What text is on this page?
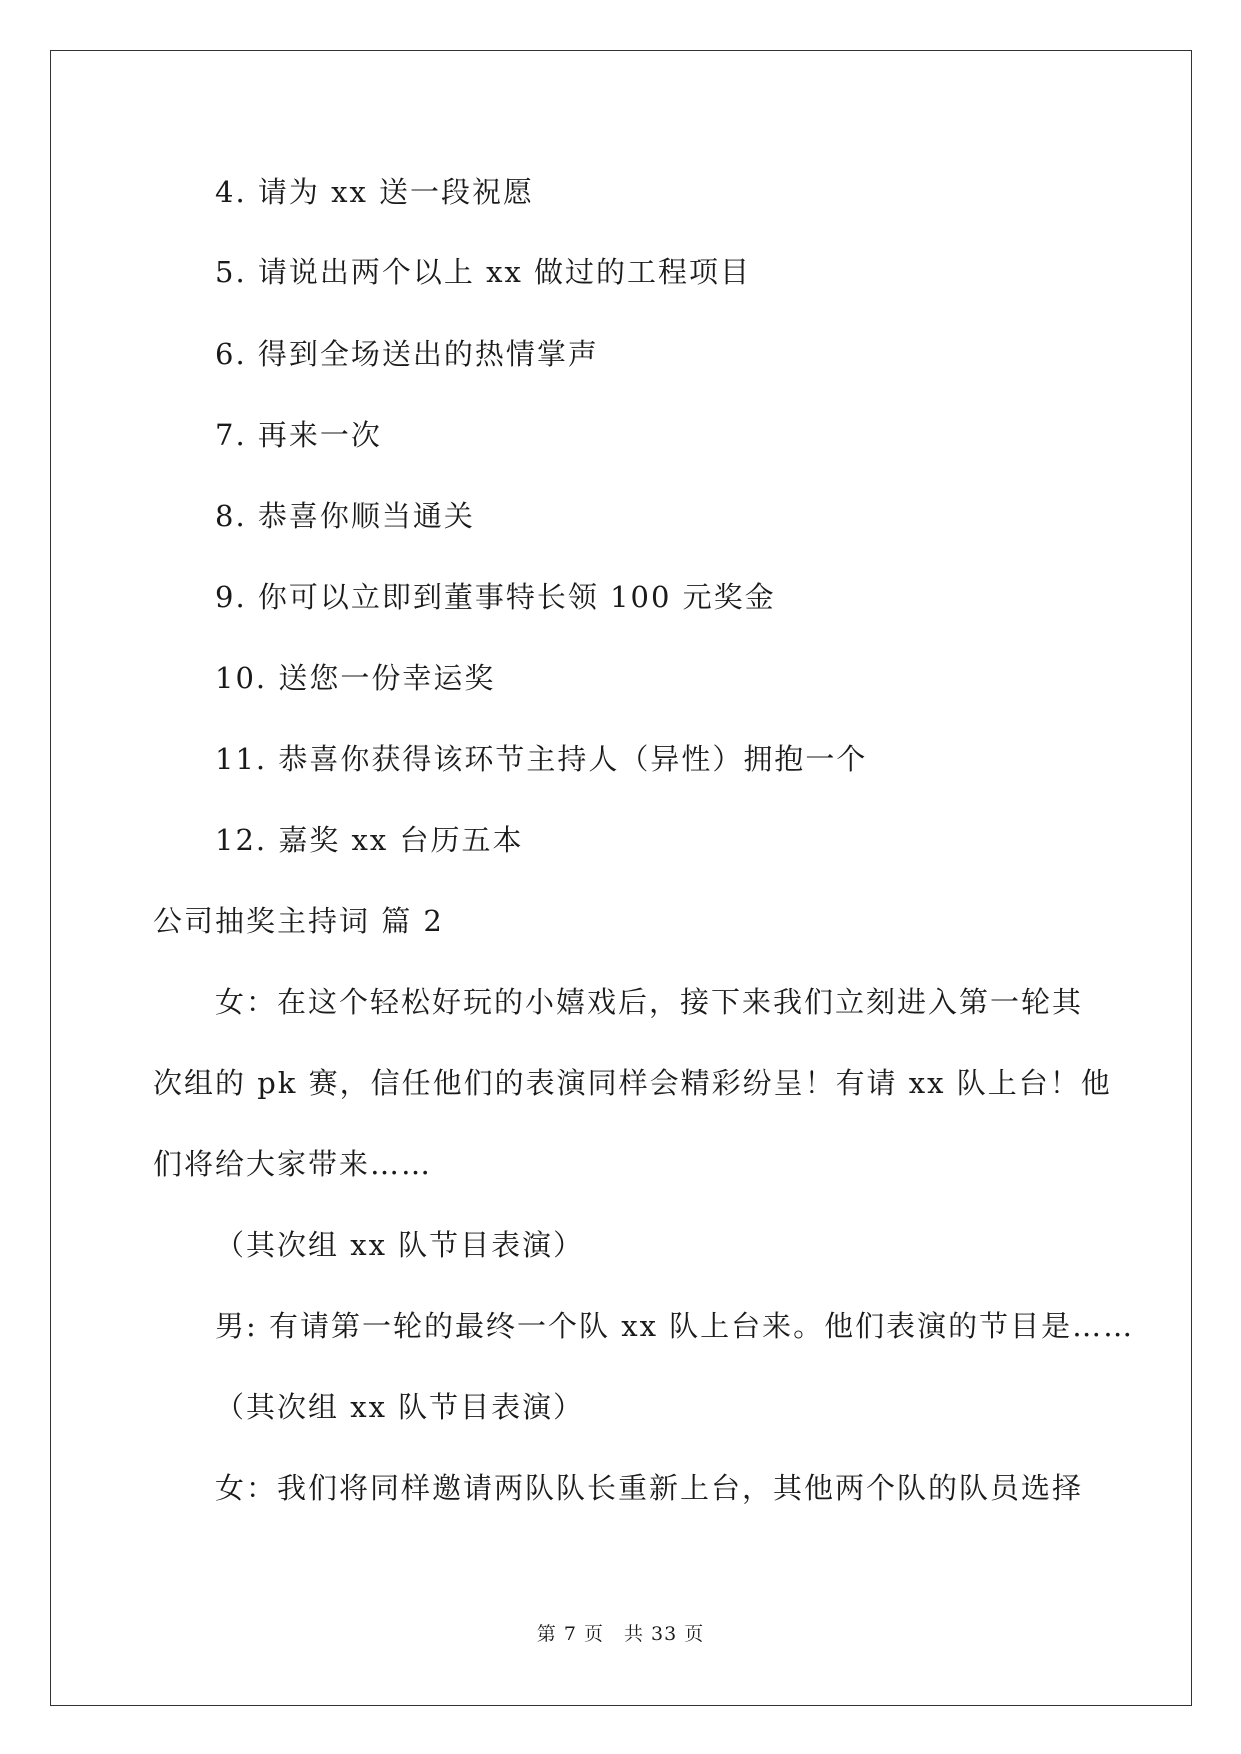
4. 请为 xx 送一段祝愿
5. 请说出两个以上 xx 做过的工程项目
6. 得到全场送出的热情掌声
7. 再来一次
8. 恭喜你顺当通关
9. 你可以立即到董事特长领 100 元奖金
10. 送您一份幸运奖
11. 恭喜你获得该环节主持人（异性）拥抱一个
12. 嘉奖 xx 台历五本
公司抽奖主持词 篇 2
女：在这个轻松好玩的小嬉戏后，接下来我们立刻进入第一轮其
次组的 pk 赛，信任他们的表演同样会精彩纷呈！有请 xx 队上台！他
们将给大家带来……
（其次组 xx 队节目表演）
男: 有请第一轮的最终一个队 xx 队上台来。他们表演的节目是……
（其次组 xx 队节目表演）
女：我们将同样邀请两队队长重新上台，其他两个队的队员选择
第 7 页　共 33 页
